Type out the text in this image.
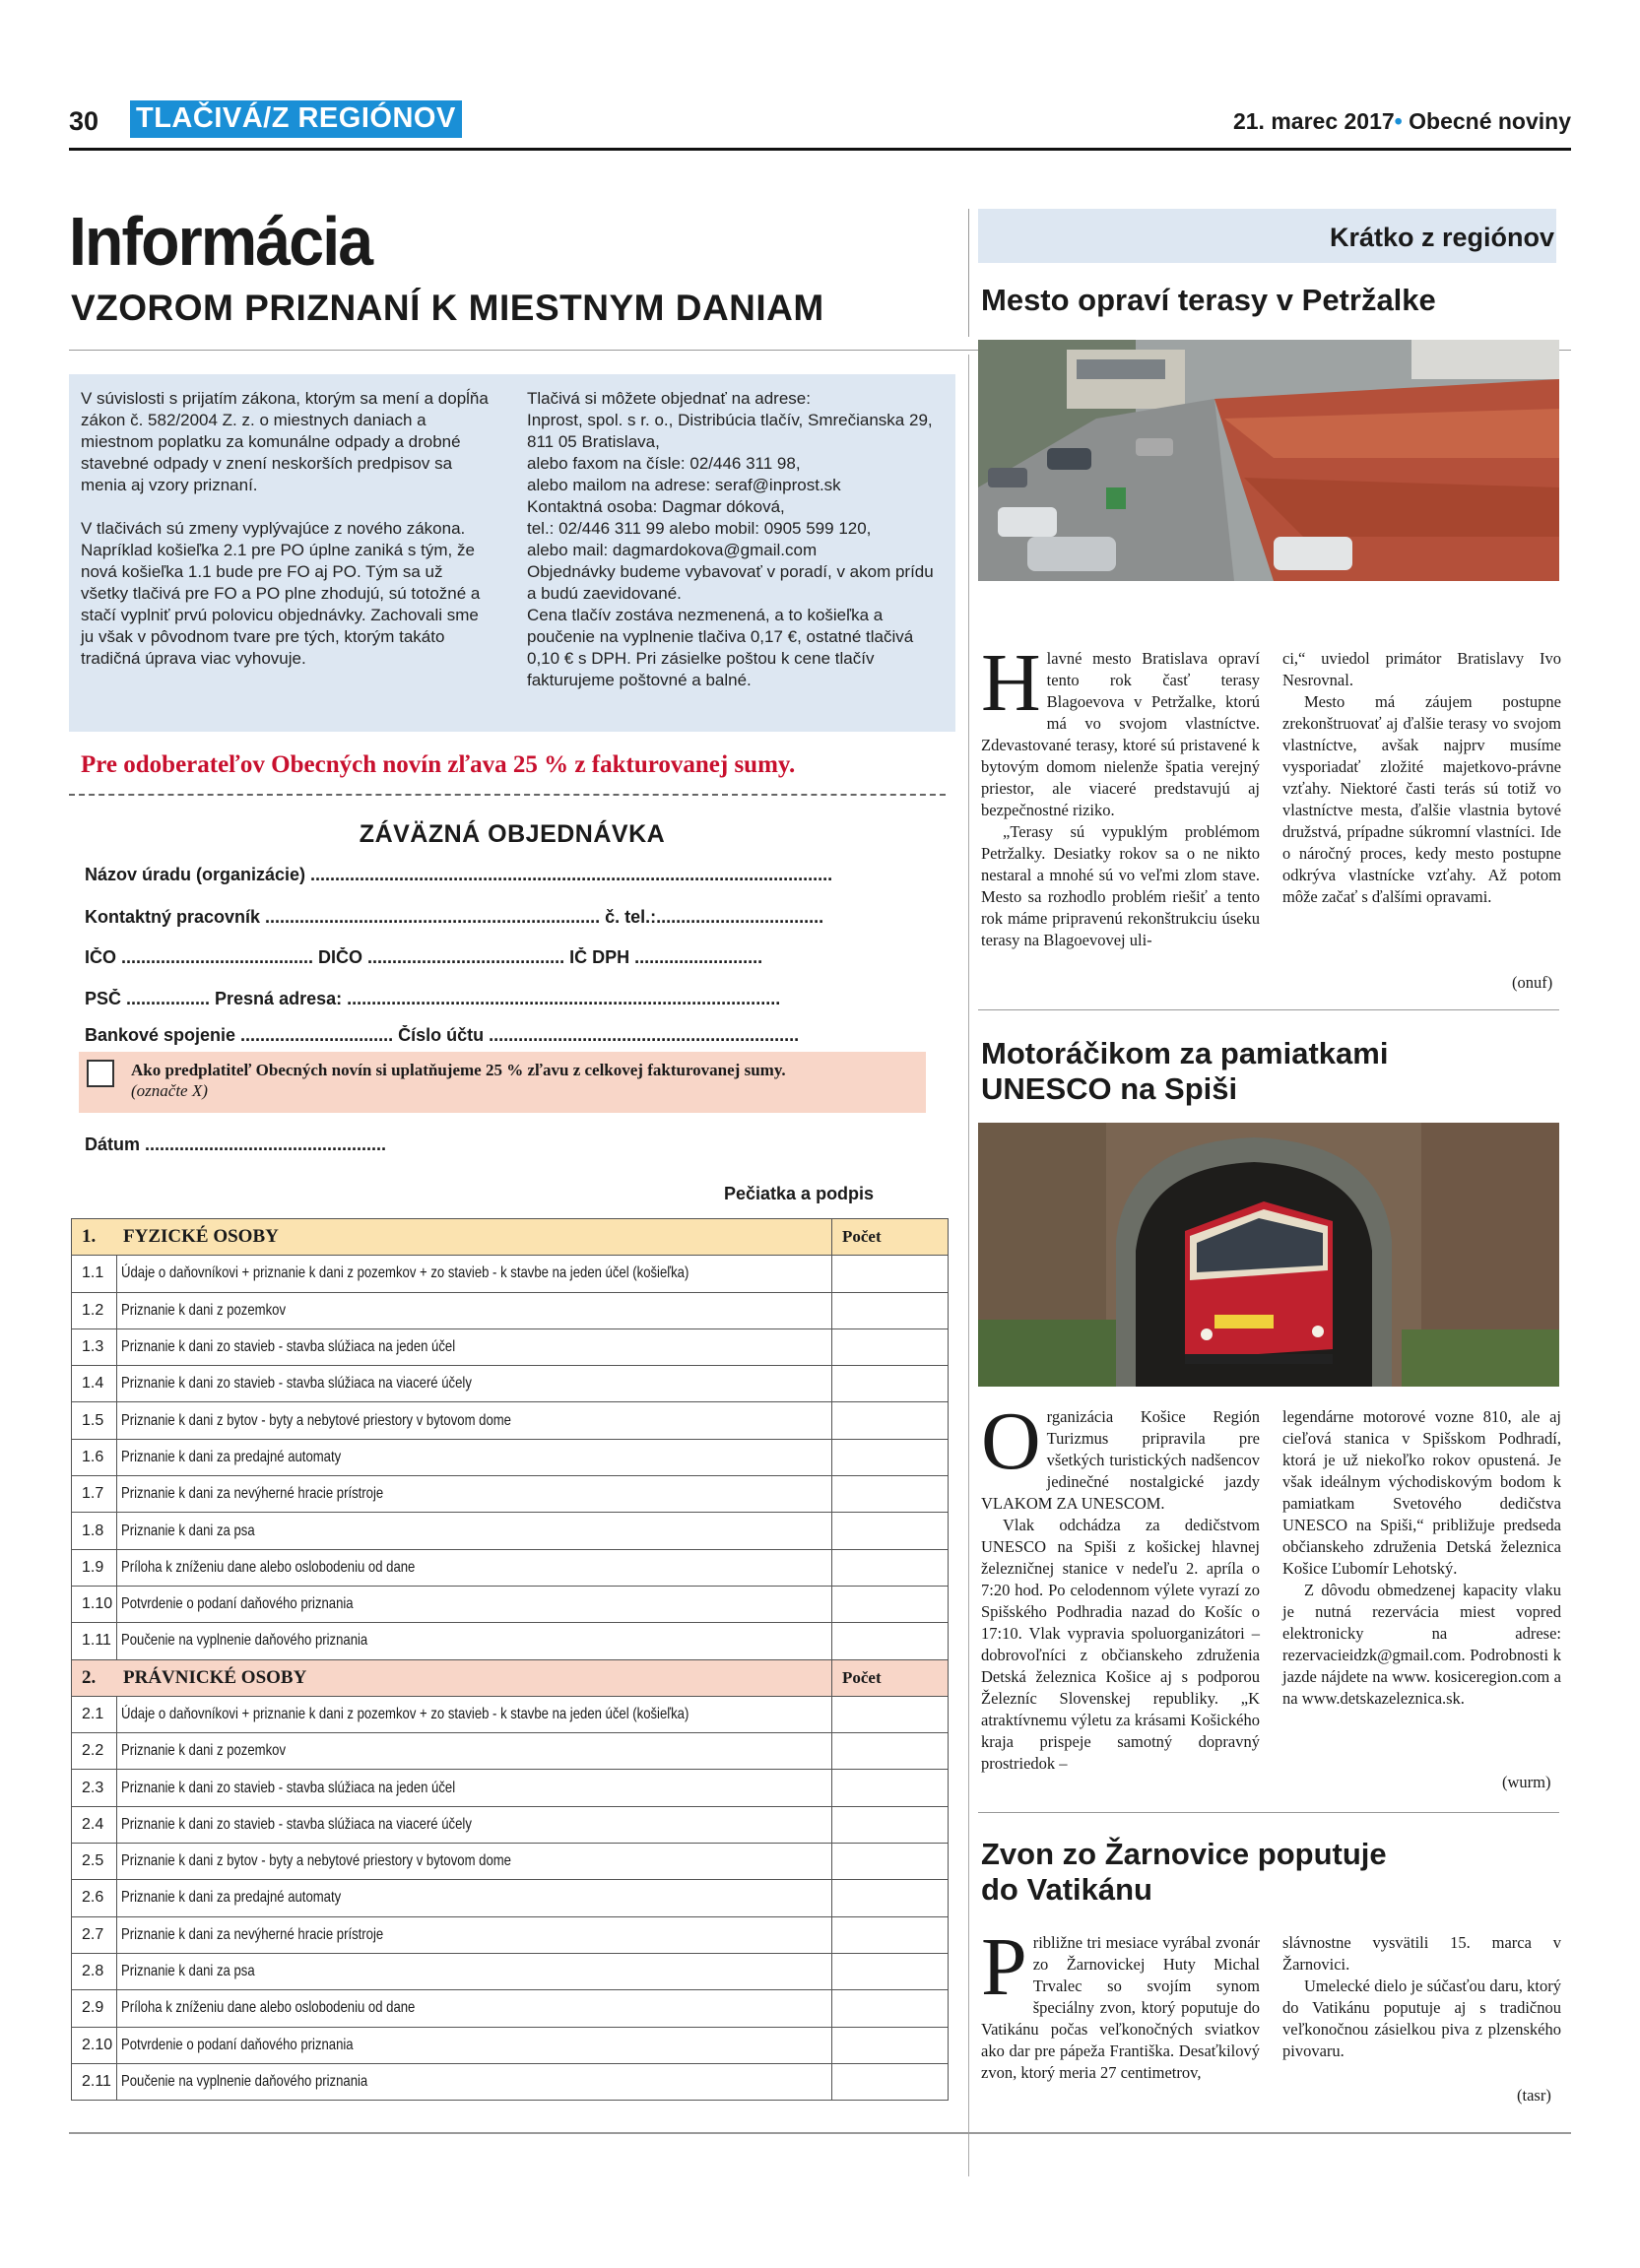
30 TLAČIVÁ/Z REGIÓNOV	21. marec 2017• Obecné noviny
Informácia
VZOROM PRIZNANÍ K MIESTNYM DANIAM

V súvislosti s prijatím zákona, ktorým sa mení a dopĺňa zákon č. 582/2004 Z. z. o miestnych daniach a miestnom poplatku za komunálne odpady a drobné stavebné odpady v znení neskorších predpisov sa menia aj vzory priznaní.

V tlačivách sú zmeny vyplývajúce z nového zákona. Napríklad košieľka 2.1 pre PO úplne zaniká s tým, že nová košieľka 1.1 bude pre FO aj PO. Tým sa už všetky tlačivá pre FO a PO plne zhodujú, sú totožné a stačí vyplniť prvú polovicu objednávky. Zachovali sme ju však v pôvodnom tvare pre tých, ktorým takáto tradičná úprava viac vyhovuje.

Tlačivá si môžete objednať na adrese:
Inprost, spol. s r. o., Distribúcia tlačív, Smrečianska 29, 811 05 Bratislava,
alebo faxom na čísle: 02/446 311 98,
alebo mailom na adrese: seraf@inprost.sk
Kontaktná osoba: Dagmar dóková,
tel.: 02/446 311 99 alebo mobil: 0905 599 120,
alebo mail: dagmardokova@gmail.com
Objednávky budeme vybavovať v poradí, v akom prídu a budú zaevidované.
Cena tlačív zostáva nezmenená, a to košieľka a poučenie na vyplnenie tlačiva 0,17 €, ostatné tlačivá 0,10 € s DPH. Pri zásielke poštou k cene tlačív fakturujeme poštovné a balné.
Pre odoberateľov Obecných novín zľava 25 % z fakturovanej sumy.
ZÁVÄZNÁ OBJEDNÁVKA
Názov úradu (organizácie) ..........................................................................................................
Kontaktný pracovník .................................................................... č. tel.:..................................
IČO ....................................... DIČO ........................................ IČ DPH ..........................
PSČ ................. Presná adresa: ........................................................................................
Bankové spojenie ............................... Číslo účtu ...............................................................
Ako predplatiteľ Obecných novín si uplatňujeme 25 % zľavu z celkovej fakturovanej sumy.
(označte X)
Dátum .................................................
Pečiatka a podpis
1. FYZICKÉ OSOBY		Počet
1.1	Údaje o daňovníkovi + priznanie k dani z pozemkov + zo stavieb - k stavbe na jeden účel (košieľka)	
1.2	Priznanie k dani z pozemkov	
1.3	Priznanie k dani zo stavieb - stavba slúžiaca na jeden účel	
1.4	Priznanie k dani zo stavieb - stavba slúžiaca na viaceré účely	
1.5	Priznanie k dani z bytov - byty a nebytové priestory v bytovom dome	
1.6	Priznanie k dani za predajné automaty	
1.7	Priznanie k dani za nevýherné hracie prístroje	
1.8	Priznanie k dani za psa	
1.9	Príloha k zníženiu dane alebo oslobodeniu od dane	
1.10	Potvrdenie o podaní daňového priznania	
1.11	Poučenie na vyplnenie daňového priznania	
2. PRÁVNICKÉ OSOBY		Počet
2.1	Údaje o daňovníkovi + priznanie k dani z pozemkov + zo stavieb - k stavbe na jeden účel (košieľka)	
2.2	Priznanie k dani z pozemkov	
2.3	Priznanie k dani zo stavieb - stavba slúžiaca na jeden účel	
2.4	Priznanie k dani zo stavieb - stavba slúžiaca na viaceré účely	
2.5	Priznanie k dani z bytov - byty a nebytové priestory v bytovom dome	
2.6	Priznanie k dani za predajné automaty	
2.7	Priznanie k dani za nevýherné hracie prístroje	
2.8	Priznanie k dani za psa	
2.9	Príloha k zníženiu dane alebo oslobodeniu od dane	
2.10	Potvrdenie o podaní daňového priznania	
2.11	Poučenie na vyplnenie daňového priznania	
Krátko z regiónov
Mesto opraví terasy v Petržalke
H lavné mesto Bratislava opraví tento rok časť terasy Blagoevova v Petržalke, ktorú má vo svojom vlastníctve. Zdevastované terasy, ktoré sú pristavené k bytovým domom nielenže špatia verejný priestor, ale viaceré predstavujú aj bezpečnostné riziko.

„Terasy sú vypuklým problémom Petržalky. Desiatky rokov sa o ne nikto nestaral a mnohé sú vo veľmi zlom stave. Mesto sa rozhodlo problém riešiť a tento rok máme pripravenú rekonštrukciu úseku terasy na Blagoevovej uli-

ci,“ uviedol primátor Bratislavy Ivo Nesrovnal.

Mesto má záujem postupne zrekonštruovať aj ďalšie terasy vo svojom vlastníctve, avšak najprv musíme vysporiadať zložité majetkovo-právne vzťahy. Niektoré časti terás sú totiž vo vlastníctve mesta, ďalšie vlastnia bytové družstvá, prípadne súkromní vlastníci. Ide o náročný proces, kedy mesto postupne odkrýva vlastnícke vzťahy. Až potom môže začať s ďalšími opravami.

(onuf)
Motoráčikom za pamiatkami
UNESCO na Spiši
O rganizácia Košice Región Turizmus pripravila pre všetkých turistických nadšencov jedinečné nostalgické jazdy VLAKOM ZA UNESCOM.

Vlak odchádza za dedičstvom UNESCO na Spiši z košickej hlavnej železničnej stanice v nedeľu 2. apríla o 7:20 hod. Po celodennom výlete vyrazí zo Spišského Podhradia nazad do Košíc o 17:10. Vlak vypravia spoluorganizátori – dobrovoľníci z občianskeho združenia Detská železnica Košice aj s podporou Železníc Slovenskej republiky. „K atraktívnemu výletu za krásami Košického kraja prispeje samotný dopravný prostriedok –

legendárne motorové vozne 810, ale aj cieľová stanica v Spišskom Podhradí, ktorá je už niekoľko rokov opustená. Je však ideálnym východiskovým bodom k pamiatkam Svetového dedičstva UNESCO na Spiši,“ približuje predseda občianskeho združenia Detská železnica Košice Ľubomír Lehotský.

Z dôvodu obmedzenej kapacity vlaku je nutná rezervácia miest vopred elektronicky na adrese: rezervacieidzk@gmail.com. Podrobnosti k jazde nájdete na www. kosiceregion.com a na www.detskazeleznica.sk.

(wurm)
Zvon zo Žarnovice poputuje
do Vatikánu
P ribližne tri mesiace vyrábal zvonár zo Žarnovickej Huty Michal Trvalec so svojím synom špeciálny zvon, ktorý poputuje do Vatikánu počas veľkonočných sviatkov ako dar pre pápeža Františka. Desaťkilový zvon, ktorý meria 27 centimetrov,

slávnostne vysvätili 15. marca v Žarnovici.

Umelecké dielo je súčasťou daru, ktorý do Vatikánu poputuje aj s tradičnou veľkonočnou zásielkou piva z plzenského pivovaru.

(tasr)
